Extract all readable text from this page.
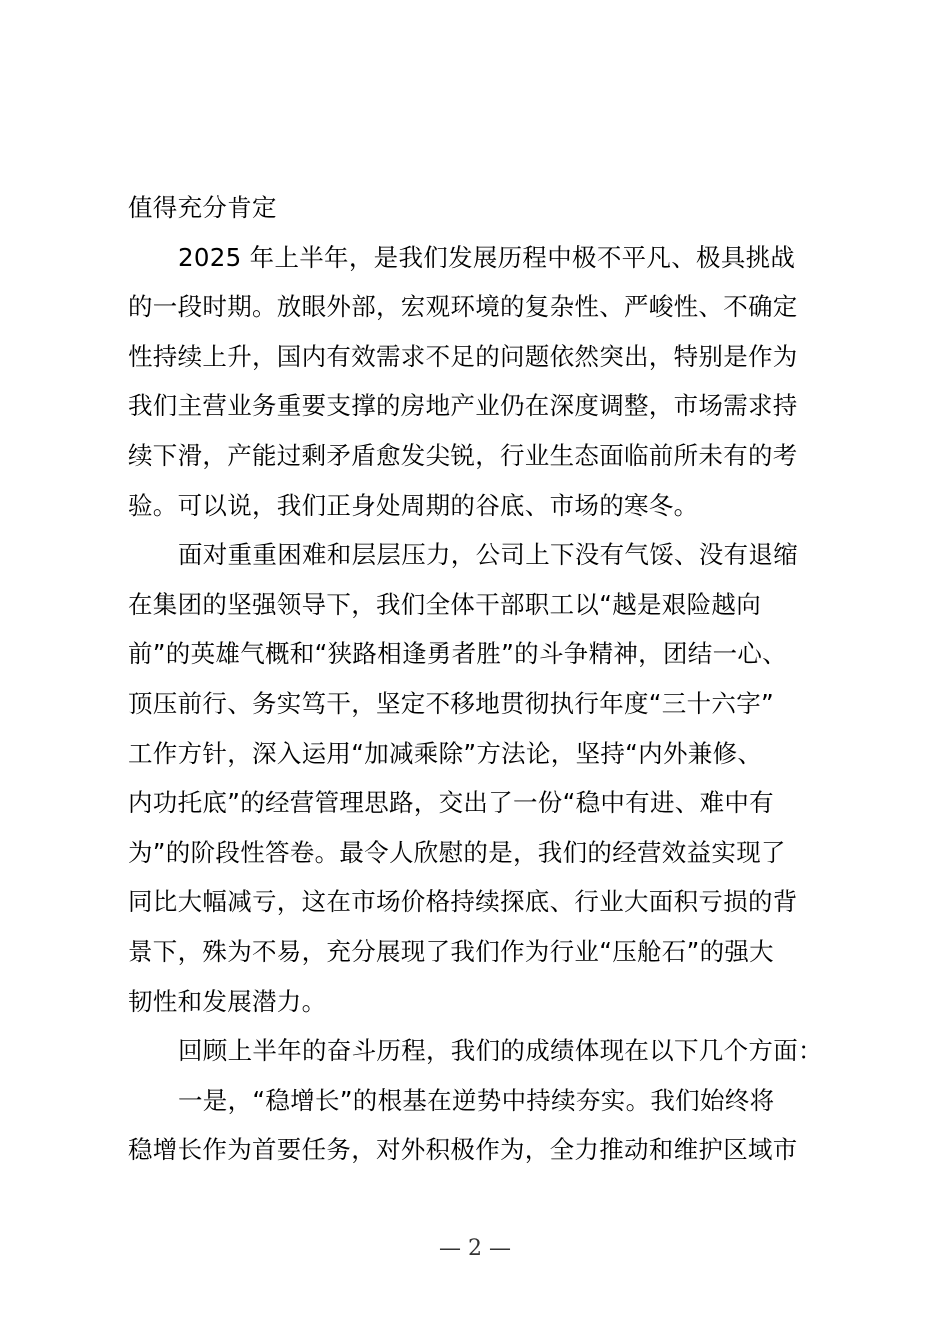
值得充分肯定
2025 年上半年，是我们发展历程中极不平凡、极具挑战
的一段时期。放眼外部，宏观环境的复杂性、严峻性、不确定
性持续上升，国内有效需求不足的问题依然突出，特别是作为
我们主营业务重要支撑的房地产业仍在深度调整，市场需求持
续下滑，产能过剩矛盾愈发尖锐，行业生态面临前所未有的考
验。可以说，我们正身处周期的谷底、市场的寒冬。
面对重重困难和层层压力，公司上下没有气馁、没有退缩
在集团的坚强领导下，我们全体干部职工以“越是艰险越向
前”的英雄气概和“狭路相逢勇者胜”的斗争精神，团结一心、
顶压前行、务实笃干，坚定不移地贯彻执行年度“三十六字”
工作方针，深入运用“加减乘除”方法论，坚持“内外兼修、
内功托底”的经营管理思路，交出了一份“稳中有进、难中有
为”的阶段性答卷。最令人欣慰的是，我们的经营效益实现了
同比大幅减亏，这在市场价格持续探底、行业大面积亏损的背
景下，殊为不易，充分展现了我们作为行业“压舱石”的强大
韧性和发展潜力。
回顾上半年的奋斗历程，我们的成绩体现在以下几个方面：
一是，“稳增长”的根基在逆势中持续夯实。我们始终将
稳增长作为首要任务，对外积极作为，全力推动和维护区域市
— 2 —
